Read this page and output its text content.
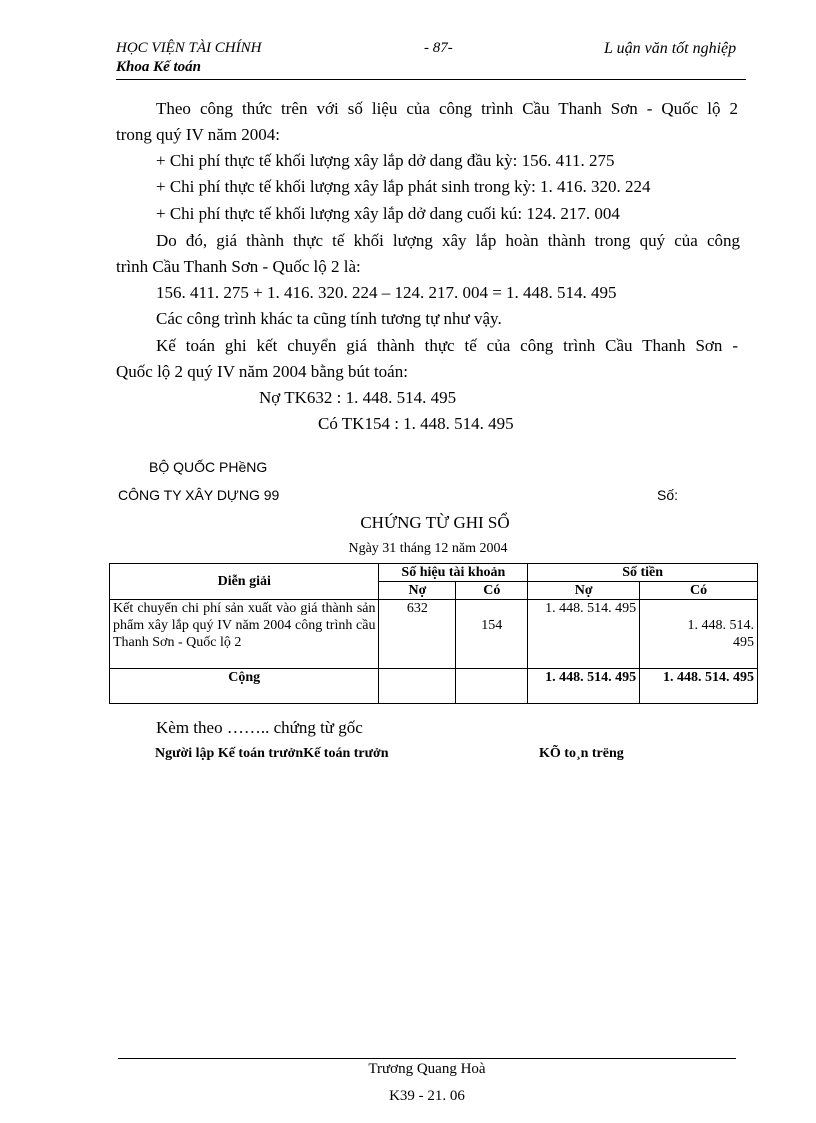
HỌC VIỆN TÀI CHÍNH	- 87-	L uận văn tốt nghiệp
Khoa Kế toán
Theo công thức trên với số liệu của công trình Cầu Thanh Sơn - Quốc lộ 2
trong quý IV năm 2004:
+ Chi phí thực tế khối lượng xây lắp dở dang đầu kỳ: 156. 411. 275
+ Chi phí thực tế khối lượng xây lắp phát sinh trong kỳ: 1. 416. 320. 224
+ Chi phí thực tế khối lượng xây lắp dở dang cuối kú: 124. 217. 004
Do đó, giá thành thực tế khối lượng xây lắp hoàn thành trong quý của công
trình Cầu Thanh Sơn - Quốc lộ 2 là:
156. 411. 275 + 1. 416. 320. 224 – 124. 217. 004 = 1. 448. 514. 495
Các công trình khác ta cũng tính tương tự như vậy.
Kế toán ghi kết chuyển giá thành thực tế của công trình Cầu Thanh Sơn -
Quốc lộ 2 quý IV năm 2004 bằng bút toán:
Nợ TK632 : 1. 448. 514. 495
Có TK154 : 1. 448. 514. 495
BỘ QUỐC PHềNG
CÔNG TY XÂY DỰNG 99	Số:
CHỨNG TỪ GHI SỔ
Ngày 31 tháng 12 năm 2004
Diễn giải	Số hiệu tài khoản		Số tiền	
	Nợ	Có	Nợ	Có
Kết chuyển chi phí sản xuất vào giá thành sản phẩm xây lắp quý IV năm 2004 công trình cầu Thanh Sơn - Quốc lộ 2	632	154	1. 448. 514. 495	1. 448. 514. 495
Cộng			1. 448. 514. 495	1. 448. 514. 495
Kèm theo …….. chứng từ gốc
Người lập Kế toán trưởnKế toán trưởn	KÕ to¸n trëng
Trương Quang Hoà
K39 - 21. 06
